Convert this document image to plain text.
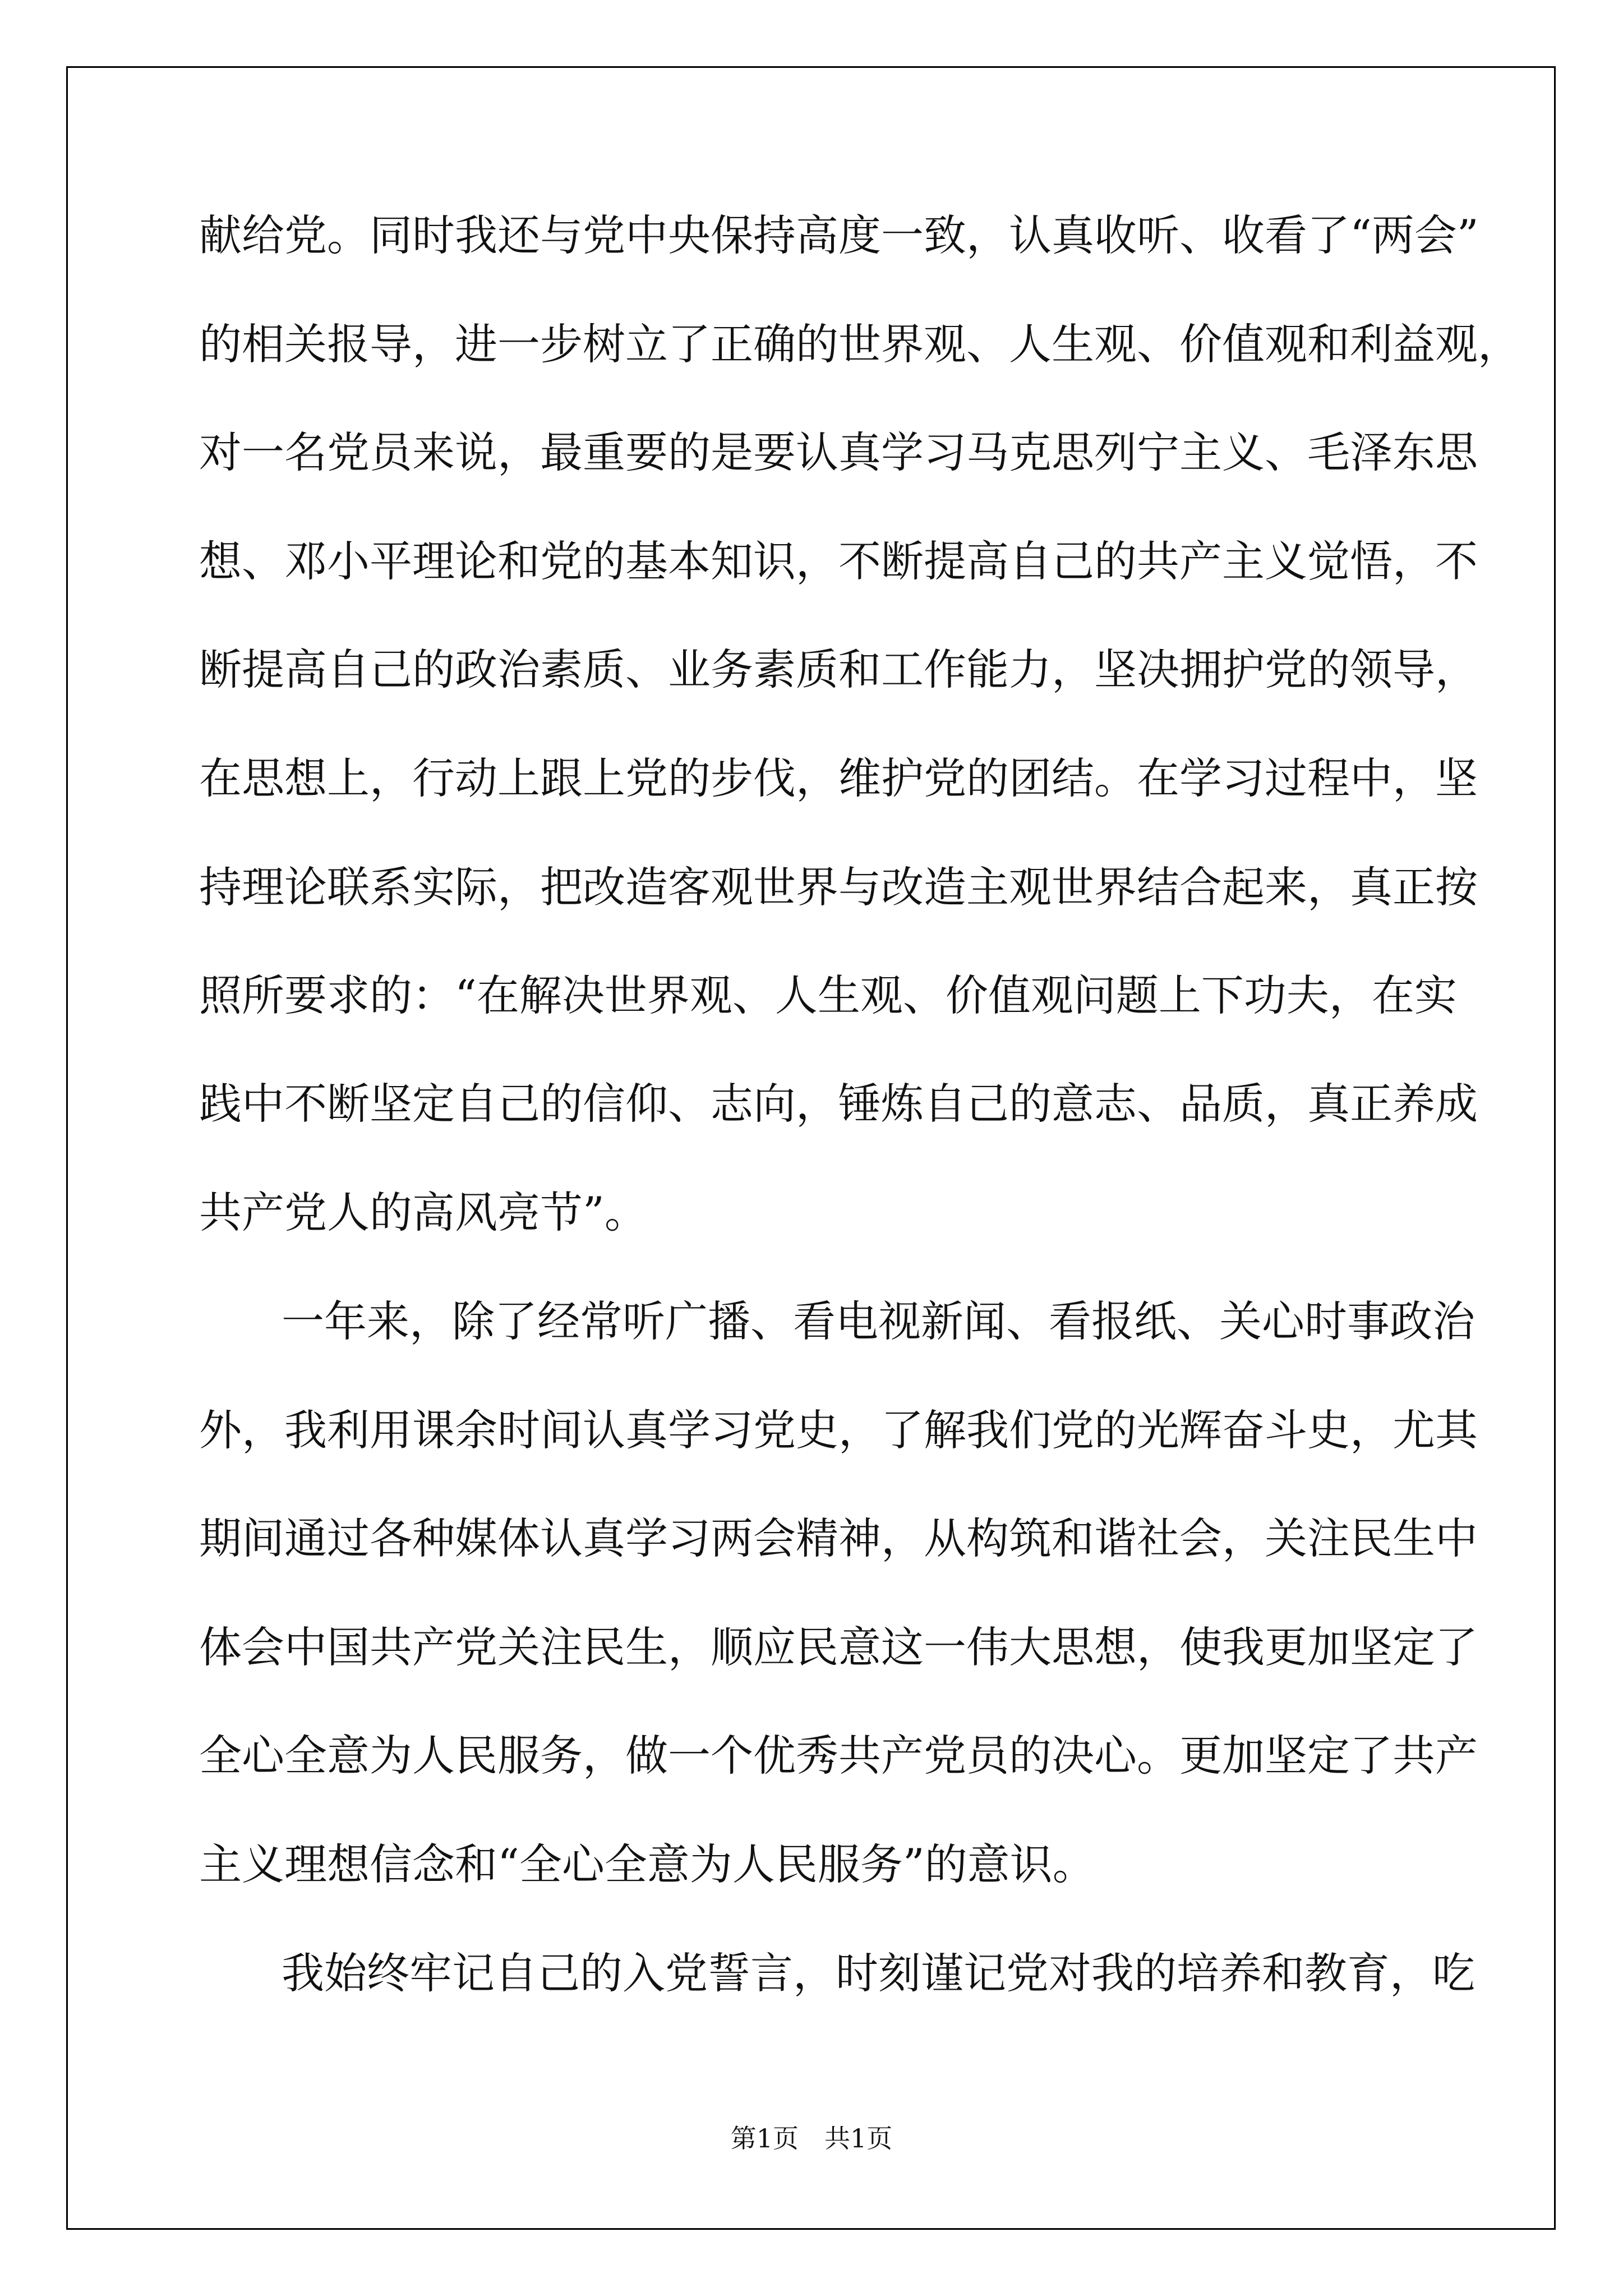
献给党。同时我还与党中央保持高度一致，认真收听、收看了“两会”
的相关报导，进一步树立了正确的世界观、人生观、价值观和利益观，
对一名党员来说，最重要的是要认真学习马克思列宁主义、毛泽东思
想、邓小平理论和党的基本知识，不断提高自己的共产主义觉悟，不
断提高自己的政治素质、业务素质和工作能力，坚决拥护党的领导，
在思想上，行动上跟上党的步伐，维护党的团结。在学习过程中，坚
持理论联系实际，把改造客观世界与改造主观世界结合起来，真正按
照所要求的：“在解决世界观、人生观、价值观问题上下功夫，在实
践中不断坚定自己的信仰、志向，锤炼自己的意志、品质，真正养成
共产党人的高风亮节”。
一年来，除了经常听广播、看电视新闻、看报纸、关心时事政治
外，我利用课余时间认真学习党史，了解我们党的光辉奋斗史，尤其
期间通过各种媒体认真学习两会精神，从构筑和谐社会，关注民生中
体会中国共产党关注民生，顺应民意这一伟大思想，使我更加坚定了
全心全意为人民服务，做一个优秀共产党员的决心。更加坚定了共产
主义理想信念和“全心全意为人民服务”的意识。
我始终牢记自己的入党誓言，时刻谨记党对我的培养和教育，吃
第1页　共1页
